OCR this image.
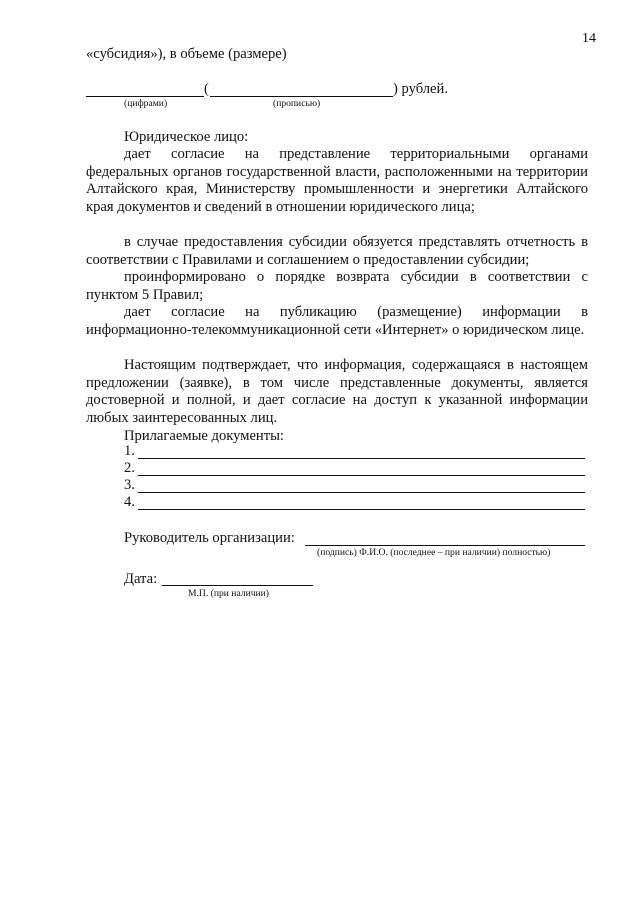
14
«субсидия»), в объеме (размере)
(	) рублей.
(цифрами)	(прописью)
Юридическое лицо:

дает согласие на представление территориальными органами федеральных органов государственной власти, расположенными на территории Алтайского края, Министерству промышленности и энергетики Алтайского края документов и сведений в отношении юридического лица;

в случае предоставления субсидии обязуется представлять отчетность в соответствии с Правилами и соглашением о предоставлении субсидии;

проинформировано о порядке возврата субсидии в соответствии с пунктом 5 Правил;

дает согласие на публикацию (размещение) информации в информационно-телекоммуникационной сети «Интернет» о юридическом лице.

Настоящим подтверждает, что информация, содержащаяся в настоящем предложении (заявке), в том числе представленные документы, является достоверной и полной, и дает согласие на доступ к указанной информации любых заинтересованных лиц.

Прилагаемые документы:
1.
2.
3.
4.
Руководитель организации:
(подпись) Ф.И.О. (последнее – при наличии) полностью)
Дата:
М.П. (при наличии)
